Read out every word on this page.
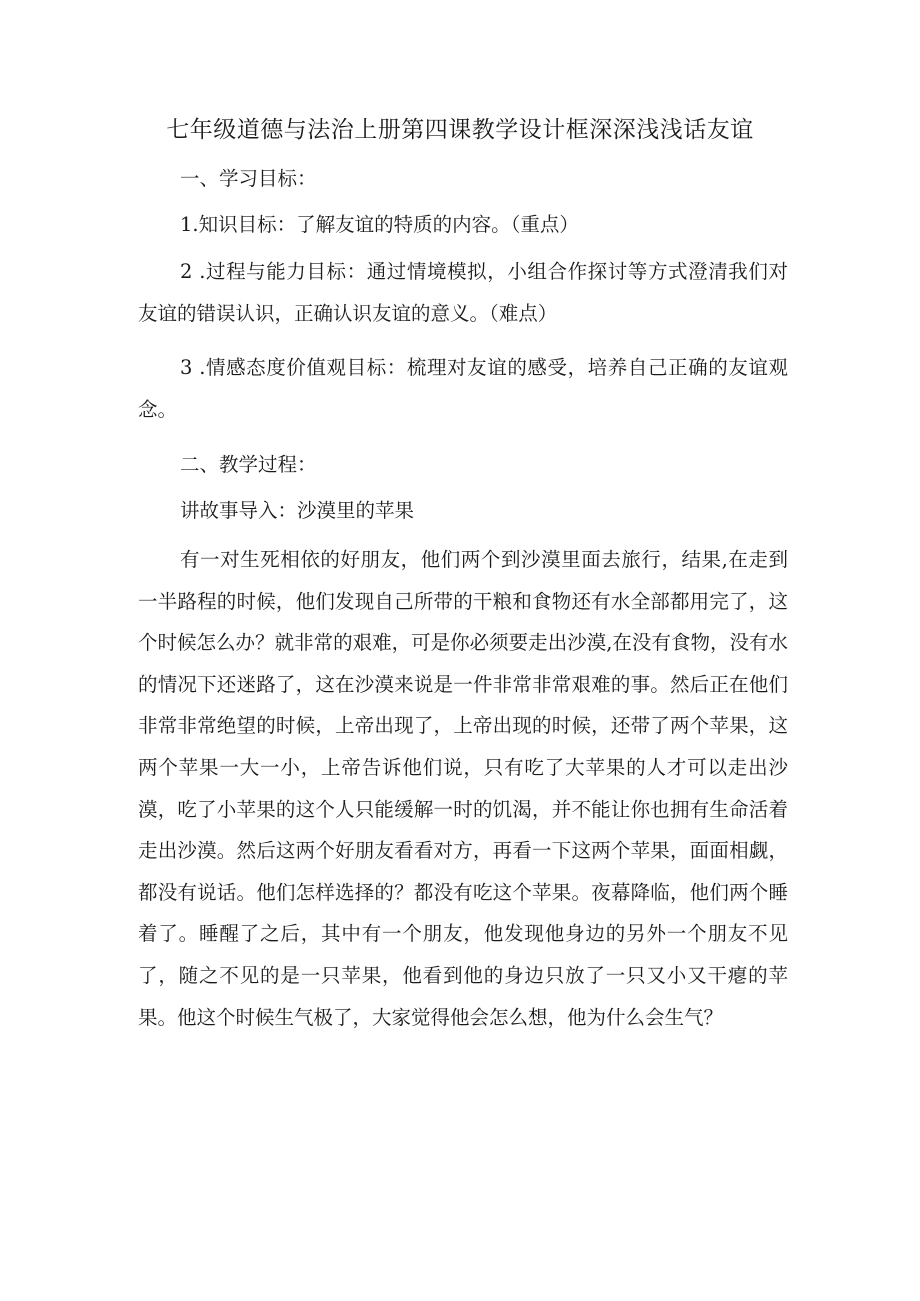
七年级道德与法治上册第四课教学设计框深深浅浅话友谊
一、学习目标：
1.知识目标：了解友谊的特质的内容。（重点）

2 .过程与能力目标：通过情境模拟，小组合作探讨等方式澄清我们对友谊的错误认识，正确认识友谊的意义。（难点）

3 .情感态度价值观目标：梳理对友谊的感受，培养自己正确的友谊观念。

二、教学过程：
讲故事导入：沙漠里的苹果

有一对生死相依的好朋友，他们两个到沙漠里面去旅行，结果,在走到一半路程的时候，他们发现自己所带的干粮和食物还有水全部都用完了，这个时候怎么办？就非常的艰难，可是你必须要走出沙漠,在没有食物，没有水的情况下还迷路了，这在沙漠来说是一件非常非常艰难的事。然后正在他们非常非常绝望的时候，上帝出现了，上帝出现的时候，还带了两个苹果，这两个苹果一大一小，上帝告诉他们说，只有吃了大苹果的人才可以走出沙漠，吃了小苹果的这个人只能缓解一时的饥渴，并不能让你也拥有生命活着走出沙漠。然后这两个好朋友看看对方，再看一下这两个苹果，面面相觑，都没有说话。他们怎样选择的？都没有吃这个苹果。夜幕降临，他们两个睡着了。睡醒了之后，其中有一个朋友，他发现他身边的另外一个朋友不见了，随之不见的是一只苹果，他看到他的身边只放了一只又小又干瘪的苹果。他这个时候生气极了，大家觉得他会怎么想，他为什么会生气？
